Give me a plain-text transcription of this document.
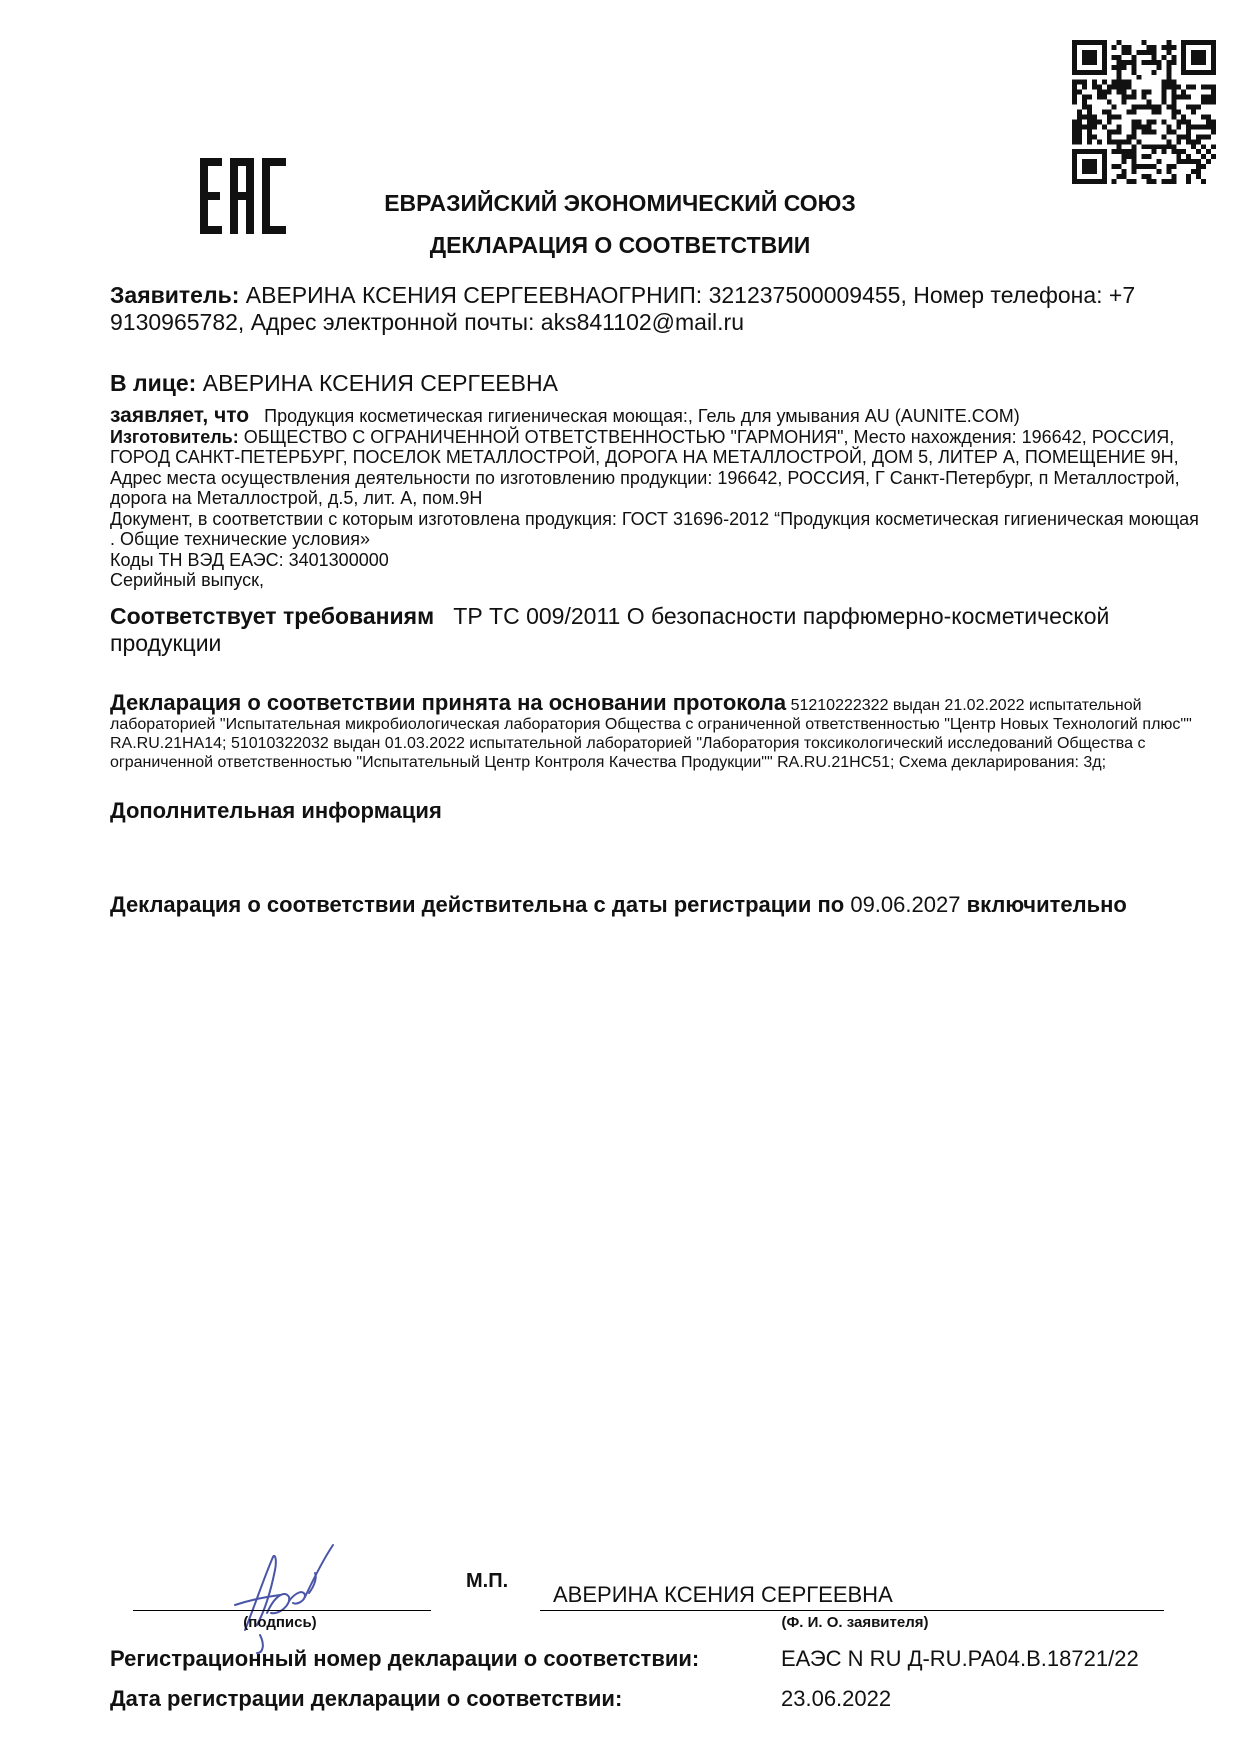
ЕВРАЗИЙСКИЙ ЭКОНОМИЧЕСКИЙ СОЮЗ
ДЕКЛАРАЦИЯ О СООТВЕТСТВИИ
Заявитель: АВЕРИНА КСЕНИЯ СЕРГЕЕВНАОГРНИП: 321237500009455, Номер телефона: +7 9130965782, Адрес электронной почты: aks841102@mail.ru
В лице: АВЕРИНА КСЕНИЯ СЕРГЕЕВНА
заявляет, что Продукция косметическая гигиеническая моющая:, Гель для умывания AU (AUNITE.COM)
Изготовитель: ОБЩЕСТВО С ОГРАНИЧЕННОЙ ОТВЕТСТВЕННОСТЬЮ "ГАРМОНИЯ", Место нахождения: 196642, РОССИЯ, ГОРОД САНКТ-ПЕТЕРБУРГ, ПОСЕЛОК МЕТАЛЛОСТРОЙ, ДОРОГА НА МЕТАЛЛОСТРОЙ, ДОМ 5, ЛИТЕР А, ПОМЕЩЕНИЕ 9Н, Адрес места осуществления деятельности по изготовлению продукции: 196642, РОССИЯ, Г Санкт-Петербург, п Металлострой, дорога на Металлострой, д.5, лит. А, пом.9Н
Документ, в соответствии с которым изготовлена продукция: ГОСТ 31696-2012 “Продукция косметическая гигиеническая моющая . Общие технические условия»
Коды ТН ВЭД ЕАЭС: 3401300000
Серийный выпуск,
Соответствует требованиям ТР ТС 009/2011 О безопасности парфюмерно-косметической продукции
Декларация о соответствии принята на основании протокола 51210222322 выдан 21.02.2022 испытательной лабораторией "Испытательная микробиологическая лаборатория Общества с ограниченной ответственностью "Центр Новых Технологий плюс"" RA.RU.21НА14; 51010322032 выдан 01.03.2022 испытательной лабораторией "Лаборатория токсикологический исследований Общества с ограниченной ответственностью "Испытательный Центр Контроля Качества Продукции"" RA.RU.21НС51; Схема декларирования: 3д;
Дополнительная информация
Декларация о соответствии действительна с даты регистрации по 09.06.2027 включительно
М.П.
(подпись)
АВЕРИНА КСЕНИЯ СЕРГЕЕВНА
(Ф. И. О. заявителя)
Регистрационный номер декларации о соответствии:	ЕАЭС N RU Д-RU.РА04.В.18721/22
Дата регистрации декларации о соответствии:	23.06.2022
